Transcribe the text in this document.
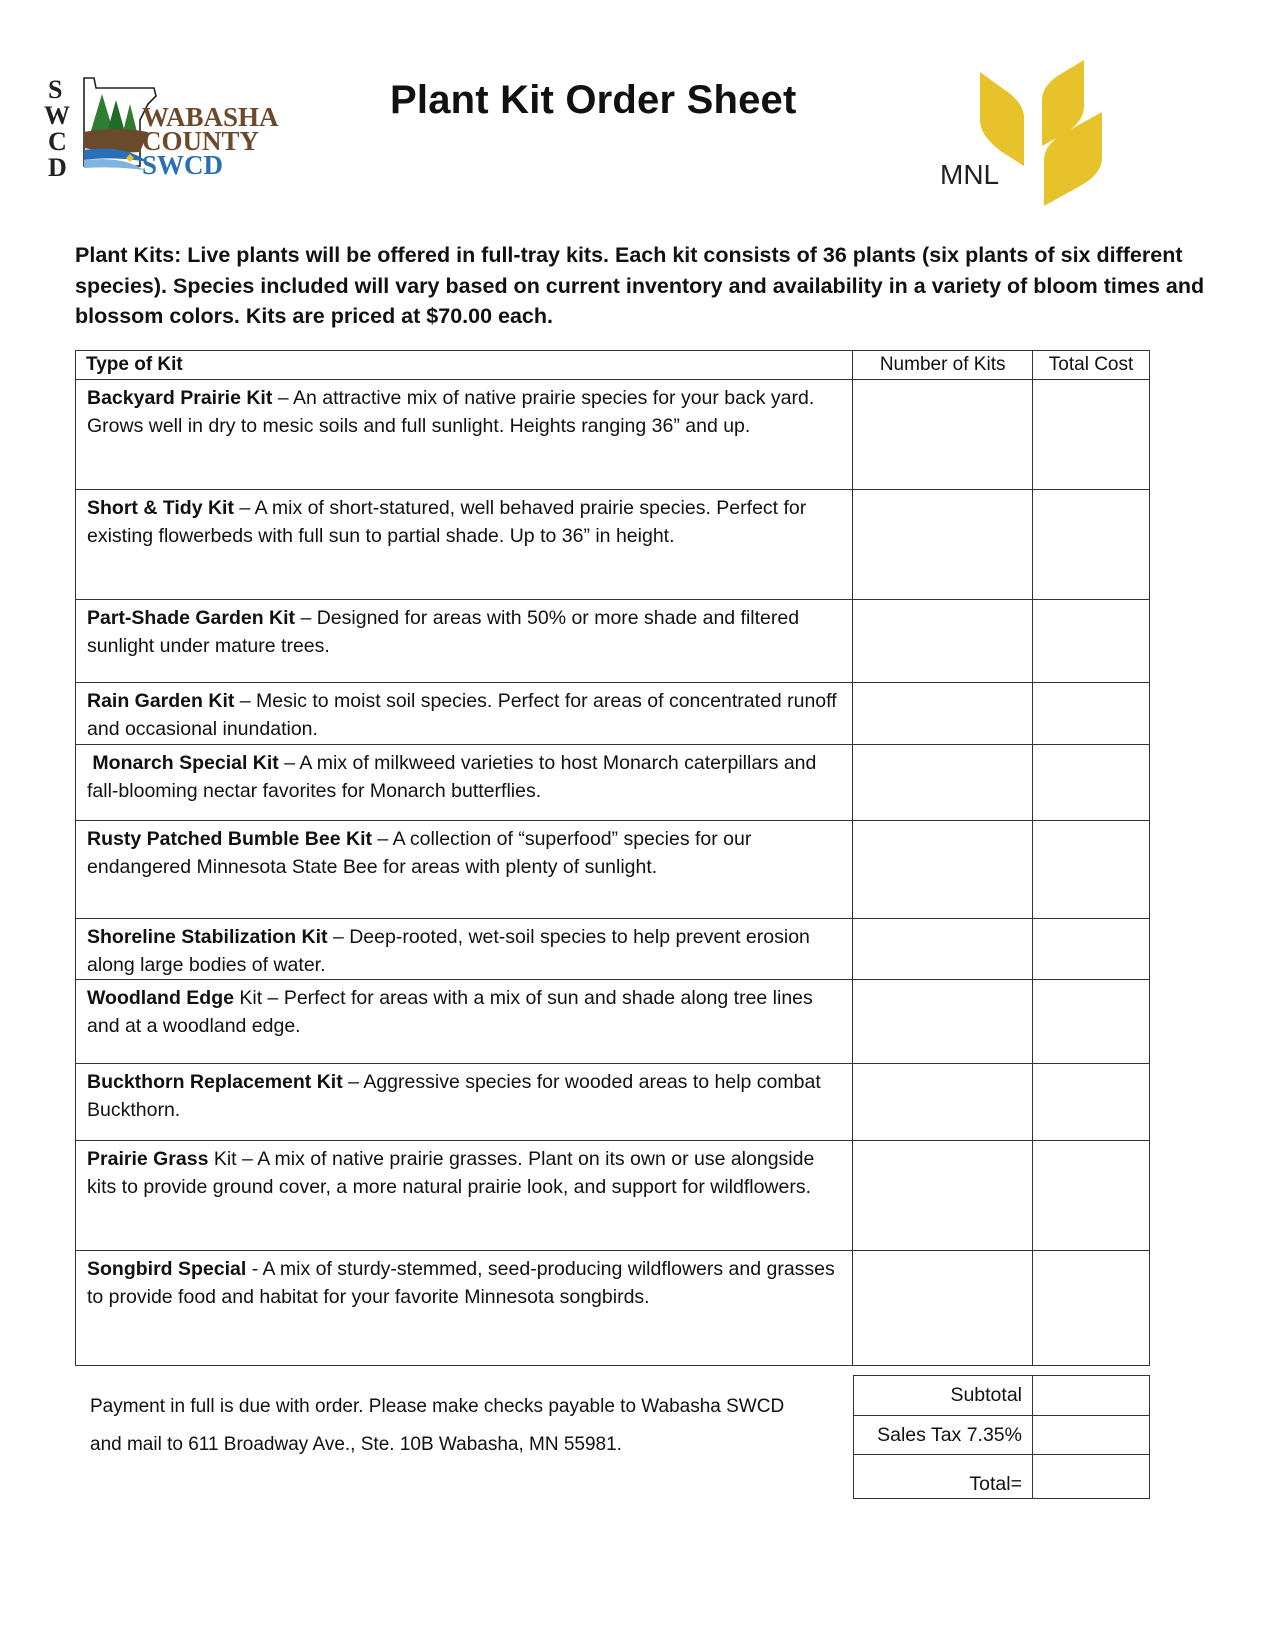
S
W
C
D
WABASHA
COUNTY
SWCD
Plant Kit Order Sheet
MNL
Plant Kits: Live plants will be offered in full-tray kits. Each kit consists of 36 plants (six plants of six different species). Species included will vary based on current inventory and availability in a variety of bloom times and blossom colors. Kits are priced at $70.00 each.
Type of Kit	Number of Kits	Total Cost
Backyard Prairie Kit – An attractive mix of native prairie species for your back yard. Grows well in dry to mesic soils and full sunlight. Heights ranging 36” and up.		
Short & Tidy Kit – A mix of short-statured, well behaved prairie species. Perfect for existing flowerbeds with full sun to partial shade. Up to 36” in height.		
Part-Shade Garden Kit – Designed for areas with 50% or more shade and filtered sunlight under mature trees.		
Rain Garden Kit – Mesic to moist soil species. Perfect for areas of concentrated runoff and occasional inundation.		
Monarch Special Kit – A mix of milkweed varieties to host Monarch caterpillars and fall-blooming nectar favorites for Monarch butterflies.		
Rusty Patched Bumble Bee Kit – A collection of “superfood” species for our endangered Minnesota State Bee for areas with plenty of sunlight.		
Shoreline Stabilization Kit – Deep-rooted, wet-soil species to help prevent erosion along large bodies of water.		
Woodland Edge Kit – Perfect for areas with a mix of sun and shade along tree lines and at a woodland edge.		
Buckthorn Replacement Kit – Aggressive species for wooded areas to help combat Buckthorn.		
Prairie Grass Kit – A mix of native prairie grasses. Plant on its own or use alongside kits to provide ground cover, a more natural prairie look, and support for wildflowers.		
Songbird Special - A mix of sturdy-stemmed, seed-producing wildflowers and grasses to provide food and habitat for your favorite Minnesota songbirds.		
Payment in full is due with order. Please make checks payable to Wabasha SWCD
and mail to 611 Broadway Ave., Ste. 10B Wabasha, MN 55981.
Subtotal	
Sales Tax 7.35%	
Total=	
